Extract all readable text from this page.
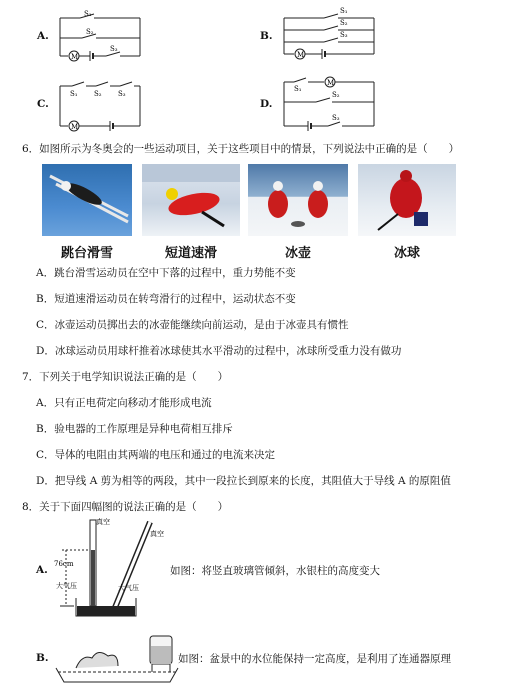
A.
M
S₁
S₂
S₃
B.
M
S₁
S₂
S₃
C.
M
S₁ S₂ S₃
D.
M
S₁
S₂
S₃
6．如图所示为冬奥会的一些运动项目，关于这些项目中的情景，下列说法中正确的是（　　）
跳台滑雪	短道速滑	冰壶	冰球
A．跳台滑雪运动员在空中下落的过程中，重力势能不变
B．短道速滑运动员在转弯滑行的过程中，运动状态不变
C．冰壶运动员掷出去的冰壶能继续向前运动，是由于冰壶具有惯性
D．冰球运动员用球杆推着冰球使其水平滑动的过程中，冰球所受重力没有做功
7．下列关于电学知识说法正确的是（　　）
A．只有正电荷定向移动才能形成电流
B．验电器的工作原理是异种电荷相互排斥
C．导体的电阻由其两端的电压和通过的电流来决定
D．把导线 A 剪为相等的两段，其中一段拉长到原来的长度，其阻值大于导线 A 的原阻值
8．关于下面四幅图的说法正确的是（　　）
A.
真空
真空
76cm
大气压	大气压
如图：将竖直玻璃管倾斜，水银柱的高度变大
B.	如图：盆景中的水位能保持一定高度，是利用了连通器原理
